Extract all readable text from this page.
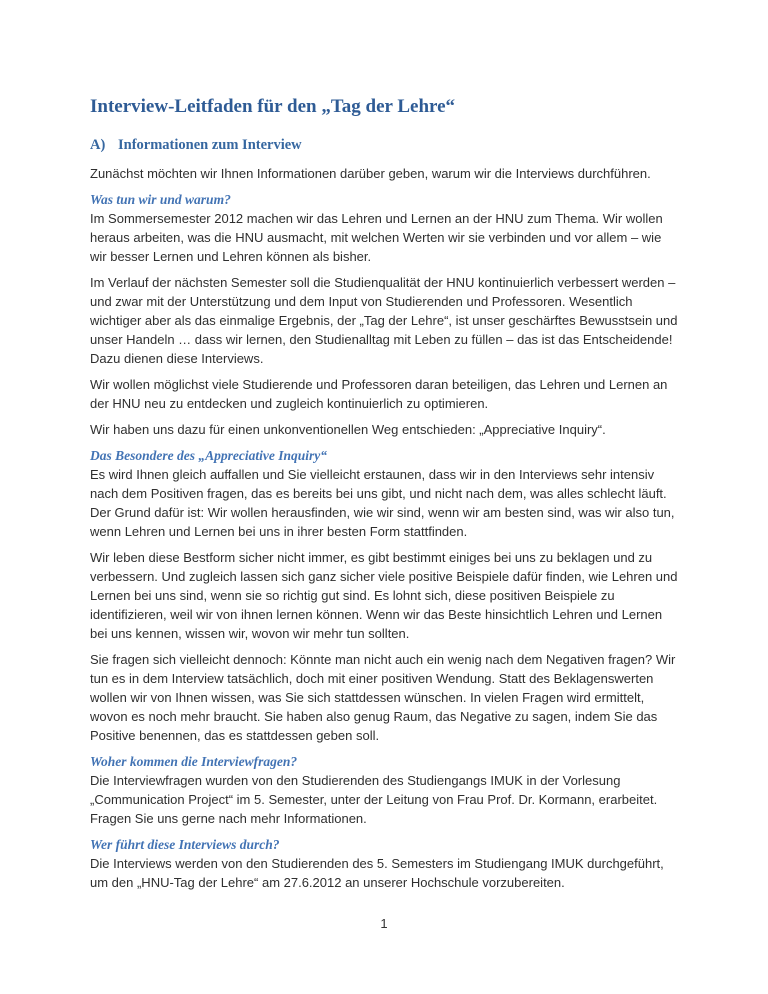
Interview-Leitfaden für den „Tag der Lehre“
A) Informationen zum Interview

Zunächst möchten wir Ihnen Informationen darüber geben, warum wir die Interviews durchführen.

Was tun wir und warum?

Im Sommersemester 2012 machen wir das Lehren und Lernen an der HNU zum Thema. Wir wollen heraus arbeiten, was die HNU ausmacht, mit welchen Werten wir sie verbinden und vor allem – wie wir besser Lernen und Lehren können als bisher.

Im Verlauf der nächsten Semester soll die Studienqualität der HNU kontinuierlich verbessert werden – und zwar mit der Unterstützung und dem Input von Studierenden und Professoren. Wesentlich wichtiger aber als das einmalige Ergebnis, der „Tag der Lehre“, ist unser geschärftes Bewusstsein und unser Handeln … dass wir lernen, den Studienalltag mit Leben zu füllen – das ist das Entscheidende! Dazu dienen diese Interviews.

Wir wollen möglichst viele Studierende und Professoren daran beteiligen, das Lehren und Lernen an der HNU neu zu entdecken und zugleich kontinuierlich zu optimieren.

Wir haben uns dazu für einen unkonventionellen Weg entschieden: „Appreciative Inquiry“.

Das Besondere des „Appreciative Inquiry“

Es wird Ihnen gleich auffallen und Sie vielleicht erstaunen, dass wir in den Interviews sehr intensiv nach dem Positiven fragen, das es bereits bei uns gibt, und nicht nach dem, was alles schlecht läuft. Der Grund dafür ist: Wir wollen herausfinden, wie wir sind, wenn wir am besten sind, was wir also tun, wenn Lehren und Lernen bei uns in ihrer besten Form stattfinden.

Wir leben diese Bestform sicher nicht immer, es gibt bestimmt einiges bei uns zu beklagen und zu verbessern. Und zugleich lassen sich ganz sicher viele positive Beispiele dafür finden, wie Lehren und Lernen bei uns sind, wenn sie so richtig gut sind. Es lohnt sich, diese positiven Beispiele zu identifizieren, weil wir von ihnen lernen können. Wenn wir das Beste hinsichtlich Lehren und Lernen bei uns kennen, wissen wir, wovon wir mehr tun sollten.

Sie fragen sich vielleicht dennoch: Könnte man nicht auch ein wenig nach dem Negativen fragen? Wir tun es in dem Interview tatsächlich, doch mit einer positiven Wendung. Statt des Beklagenswerten wollen wir von Ihnen wissen, was Sie sich stattdessen wünschen. In vielen Fragen wird ermittelt, wovon es noch mehr braucht. Sie haben also genug Raum, das Negative zu sagen, indem Sie das Positive benennen, das es stattdessen geben soll.

Woher kommen die Interviewfragen?

Die Interviewfragen wurden von den Studierenden des Studiengangs IMUK in der Vorlesung „Communication Project“ im 5. Semester, unter der Leitung von Frau Prof. Dr. Kormann, erarbeitet. Fragen Sie uns gerne nach mehr Informationen.

Wer führt diese Interviews durch?

Die Interviews werden von den Studierenden des 5. Semesters im Studiengang IMUK durchgeführt, um den „HNU-Tag der Lehre“ am 27.6.2012 an unserer Hochschule vorzubereiten.

1
